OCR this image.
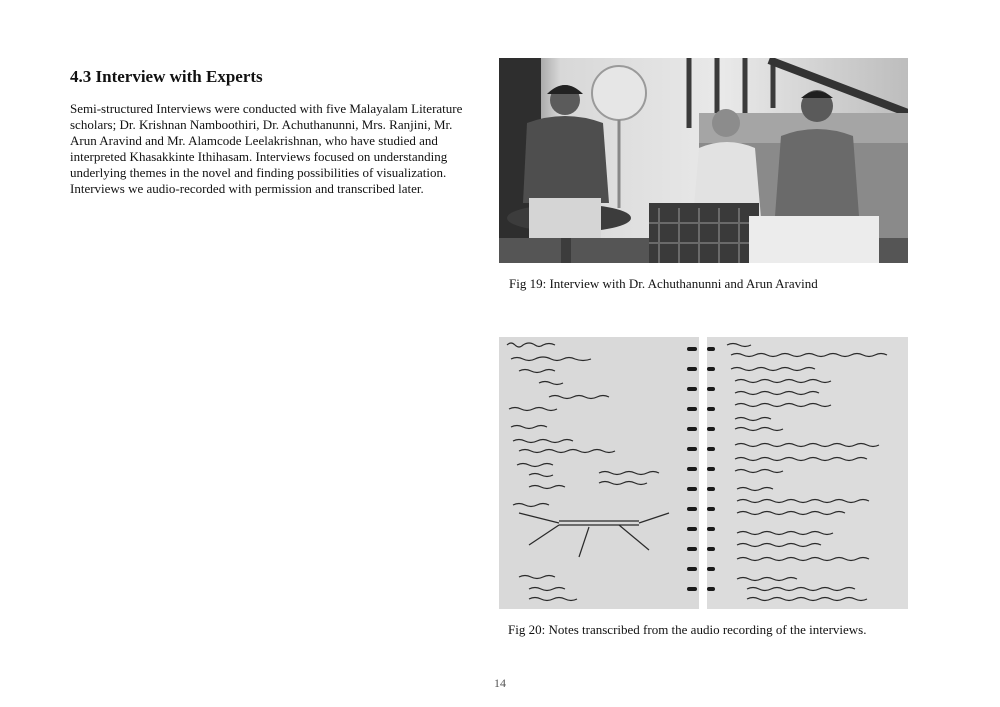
4.3 Interview with Experts

Semi-structured Interviews were conducted with five Malayalam Literature scholars; Dr. Krishnan Namboothiri, Dr. Achuthanunni, Mrs. Ranjini, Mr. Arun Aravind and Mr. Alamcode Leelakrishnan, who have studied and interpreted Khasakkinte Ithihasam. Interviews focused on understanding underlying themes in the novel and finding possibilities of visualization. Interviews we audio-recorded with permission and transcribed later.

Fig 19: Interview with Dr. Achuthanunni and Arun Aravind
Fig 20: Notes transcribed from the audio recording of the interviews.
14
